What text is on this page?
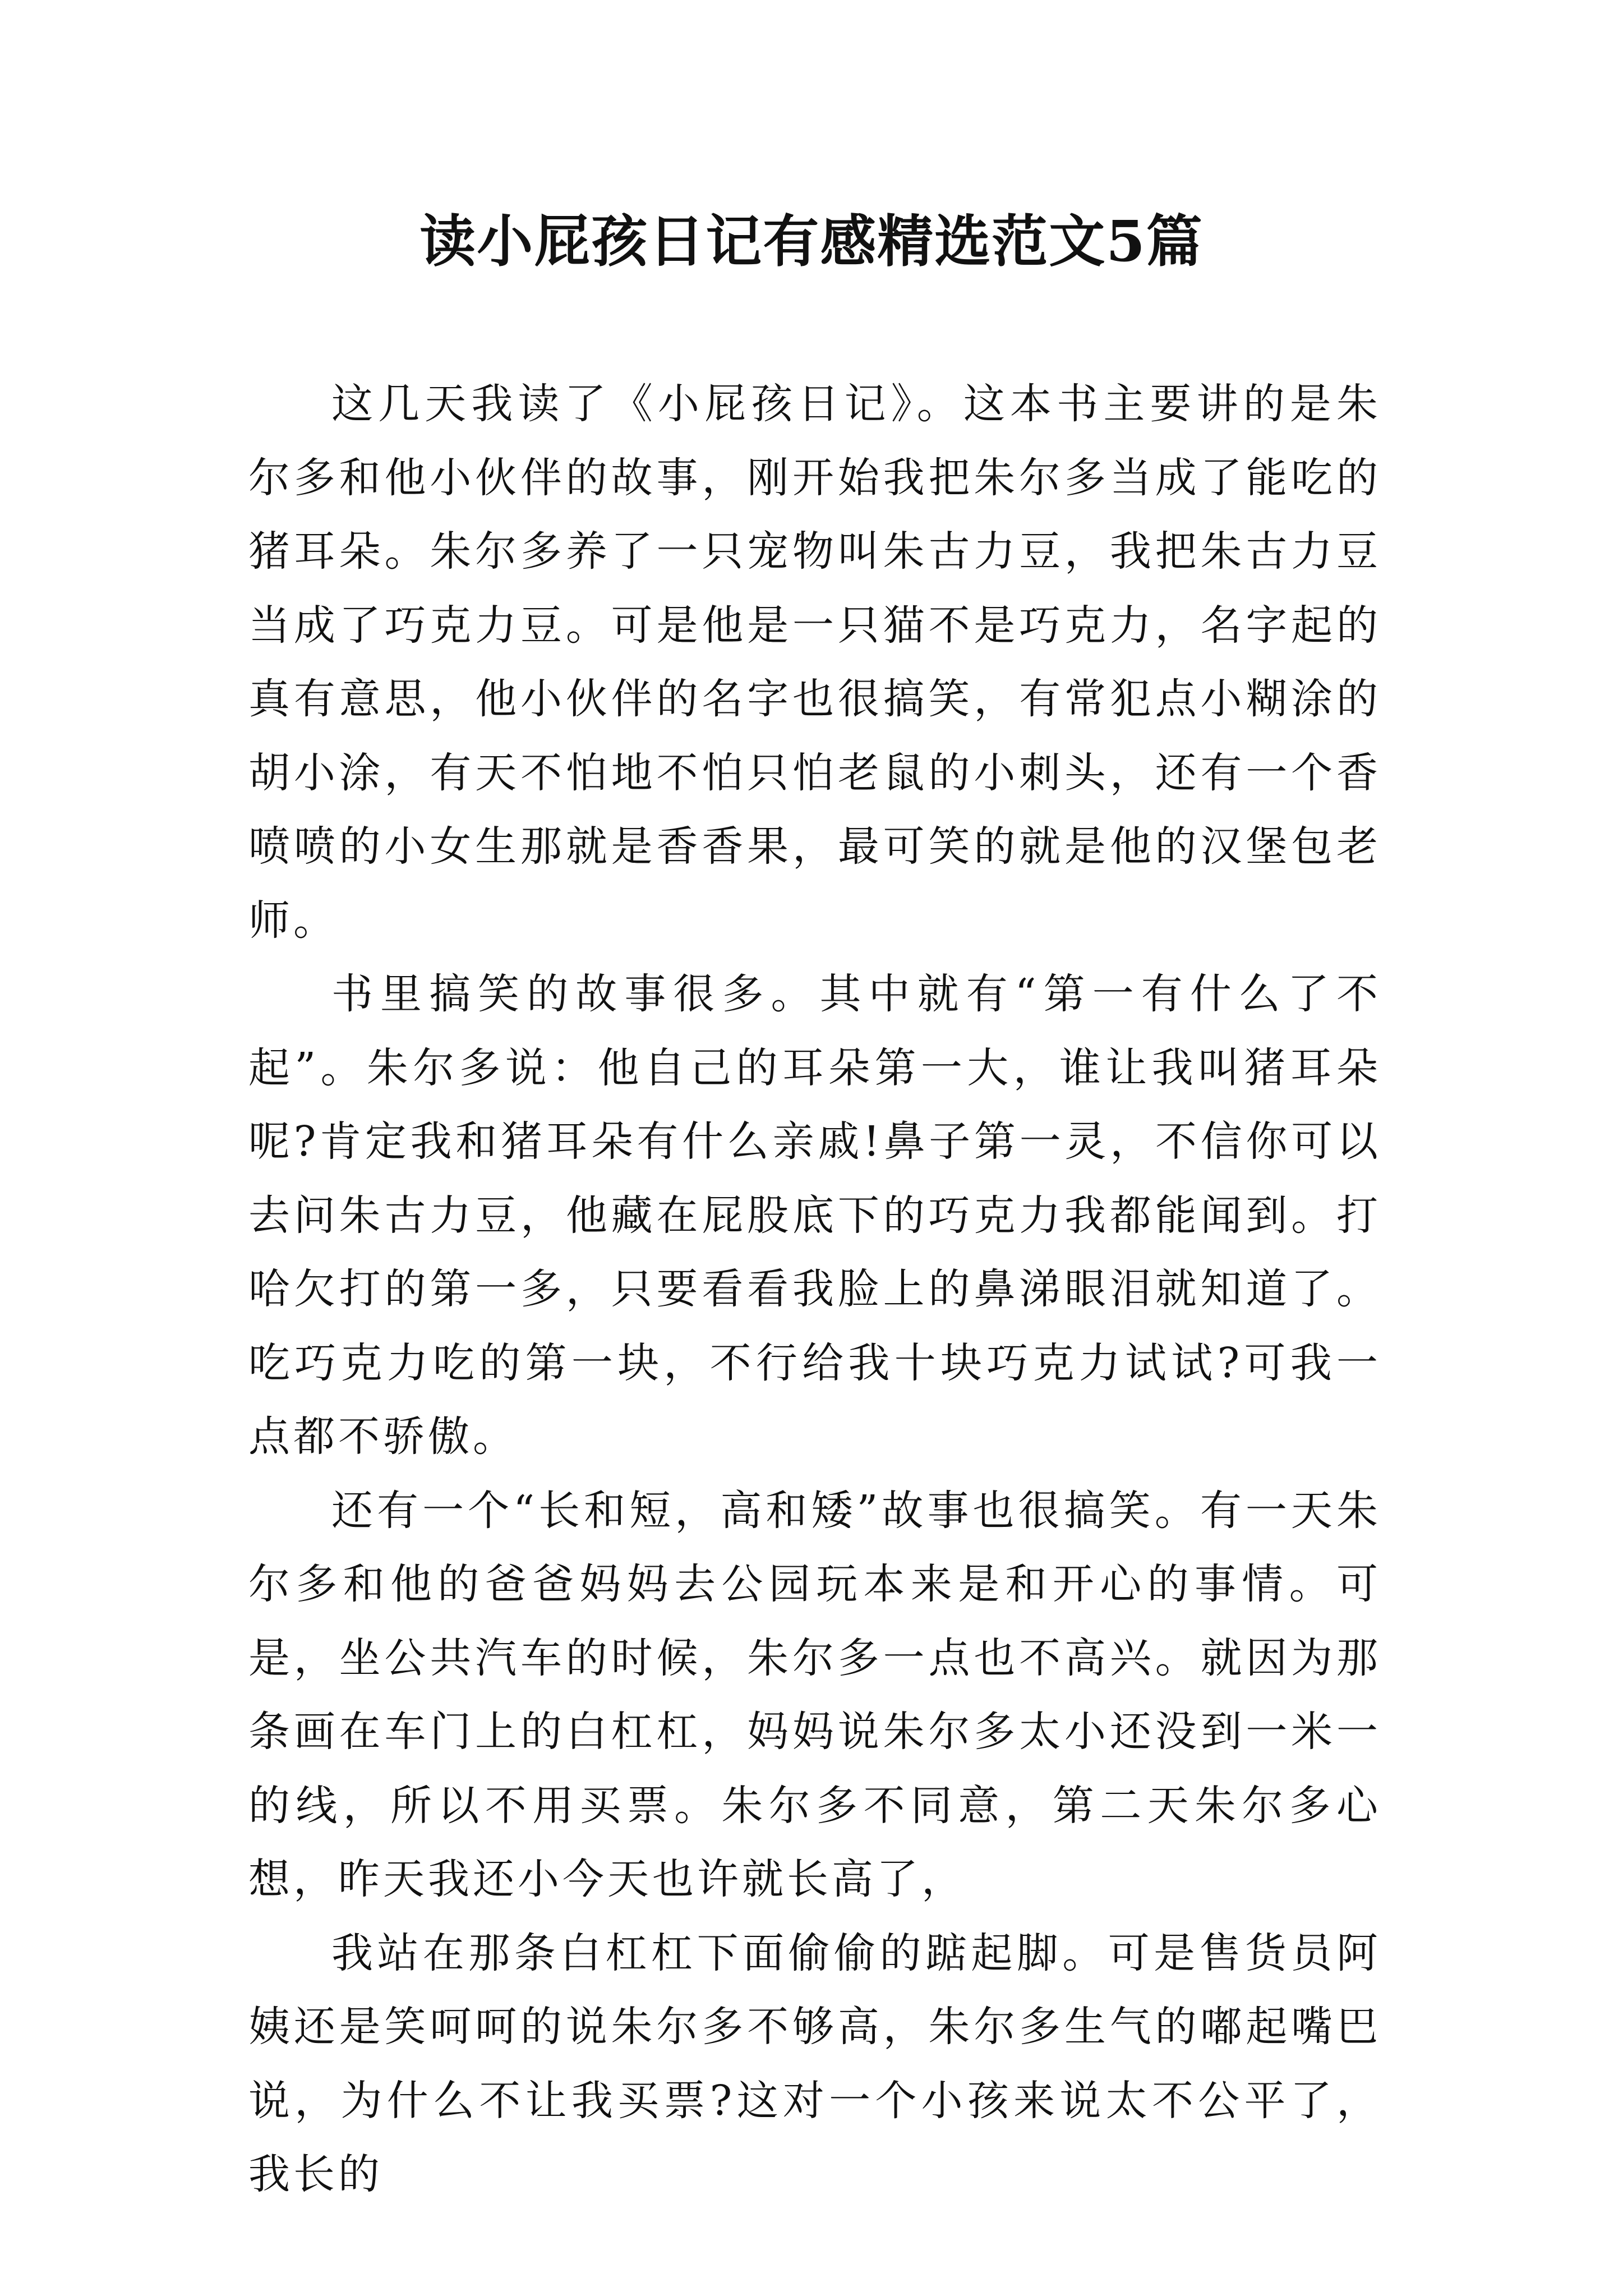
读小屁孩日记有感精选范文5篇

这几天我读了《小屁孩日记》。这本书主要讲的是朱尔多和他小伙伴的故事，刚开始我把朱尔多当成了能吃的猪耳朵。朱尔多养了一只宠物叫朱古力豆，我把朱古力豆当成了巧克力豆。可是他是一只猫不是巧克力，名字起的真有意思，他小伙伴的名字也很搞笑，有常犯点小糊涂的胡小涂，有天不怕地不怕只怕老鼠的小刺头，还有一个香喷喷的小女生那就是香香果，最可笑的就是他的汉堡包老师。

书里搞笑的故事很多。其中就有“第一有什么了不起”。朱尔多说：他自己的耳朵第一大，谁让我叫猪耳朵呢?肯定我和猪耳朵有什么亲戚!鼻子第一灵，不信你可以去问朱古力豆，他藏在屁股底下的巧克力我都能闻到。打哈欠打的第一多，只要看看我脸上的鼻涕眼泪就知道了。吃巧克力吃的第一块，不行给我十块巧克力试试?可我一点都不骄傲。

还有一个“长和短，高和矮”故事也很搞笑。有一天朱尔多和他的爸爸妈妈去公园玩本来是和开心的事情。可是，坐公共汽车的时候，朱尔多一点也不高兴。就因为那条画在车门上的白杠杠，妈妈说朱尔多太小还没到一米一的线，所以不用买票。朱尔多不同意，第二天朱尔多心想，昨天我还小今天也许就长高了，

我站在那条白杠杠下面偷偷的踮起脚。可是售货员阿姨还是笑呵呵的说朱尔多不够高，朱尔多生气的嘟起嘴巴说，为什么不让我买票?这对一个小孩来说太不公平了，我长的
